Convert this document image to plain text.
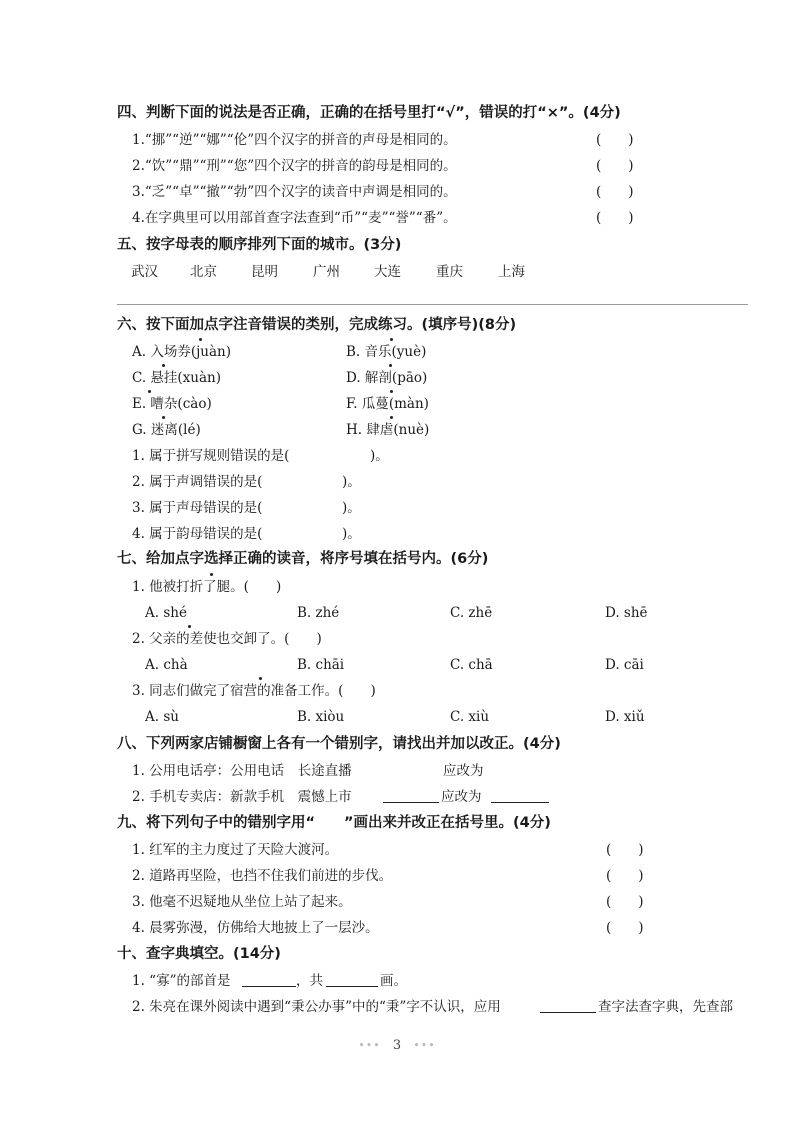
四、判断下面的说法是否正确，正确的在括号里打“√”，错误的打“×”。(4分)
1.“挪”“逆”“娜”“伦”四个汉字的拼音的声母是相同的。	(　　)
2.“饮”“鼎”“刑”“您”四个汉字的拼音的韵母是相同的。	(　　)
3.“乏”“卓”“撤”“勃”四个汉字的读音中声调是相同的。	(　　)
4.在字典里可以用部首查字法查到“币”“麦”“誉”“番”。	(　　)
五、按字母表的顺序排列下面的城市。(3分)
武汉 北京	昆明	广州	大连	重庆	上海
六、按下面加点字注音错误的类别，完成练习。(填序号)(8分)
A. 入场券(juàn)	B. 音乐(yuè)
C. 悬挂(xuàn)	D. 解剖(pāo)
E. 嘈杂(cào)	F. 瓜蔓(màn)
G. 迷离(lé)	H. 肆虐(nuè)
1. 属于拼写规则错误的是(	)。
2. 属于声调错误的是(	)。
3. 属于声母错误的是(	)。
4. 属于韵母错误的是(	)。
七、给加点字选择正确的读音，将序号填在括号内。(6分)
1. 他被打折了腿。(　　)
A. shé	B. zhé	C. zhē	D. shē
2. 父亲的差使也交卸了。(　　)
A. chà	B. chāi	C. chā	D. cāi
3. 同志们做完了宿营的准备工作。(　　)
A. sù	B. xiòu	C. xiù	D. xiǔ
八、下列两家店铺橱窗上各有一个错别字，请找出并加以改正。(4分)
1. 公用电话亭：公用电话　长途直播	应改为
2. 手机专卖店：新款手机　震憾上市	应改为
九、将下列句子中的错别字用“　　”画出来并改正在括号里。(4分)
1. 红军的主力度过了天险大渡河。	(　　)
2. 道路再坚险，也挡不住我们前进的步伐。	(　　)
3. 他毫不迟疑地从坐位上站了起来。	(　　)
4. 晨雾弥漫，仿佛给大地披上了一层沙。	(　　)
十、查字典填空。(14分)
1. “寡”的部首是	，共	画。
2. 朱亮在课外阅读中遇到“秉公办事”中的“秉”字不认识，应用	查字法查字典，先查部
••• 3 •••
